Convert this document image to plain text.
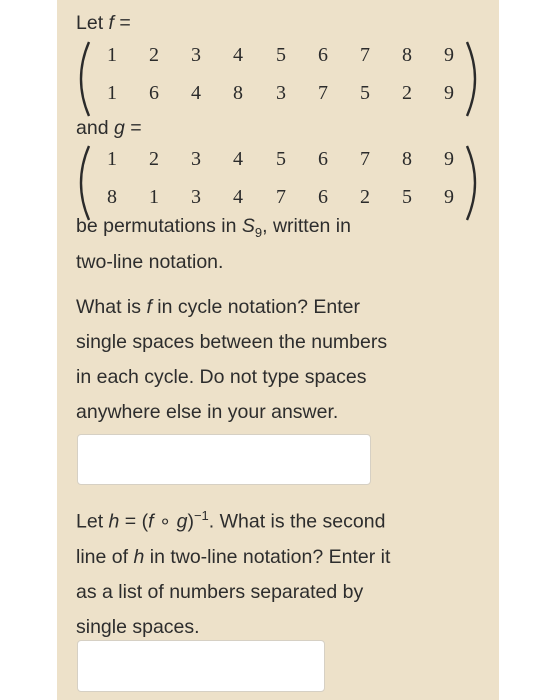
Let f =
1 2 3 4 5 6 7 8 9
1 6 4 8 3 7 5 2 9
and g =
1 2 3 4 5 6 7 8 9
8 1 3 4 7 6 2 5 9
be permutations in $S_9$, written in
two-line notation.
What is f in cycle notation? Enter
single spaces between the numbers
in each cycle. Do not type spaces
anywhere else in your answer.
Let h = (f ∘ g)$^{-1}$. What is the second
line of h in two-line notation? Enter it
as a list of numbers separated by
single spaces.
